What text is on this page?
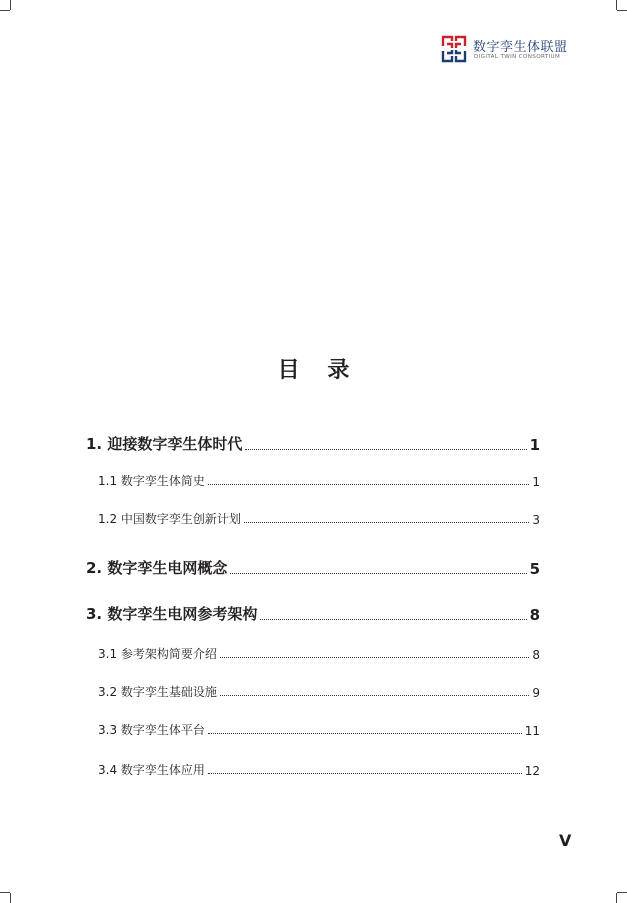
数字孪生体联盟
DIGITAL TWIN CONSORTIUM
目 录
1. 迎接数字孪生体时代	1
1.1 数字孪生体简史	1
1.2 中国数字孪生创新计划	3
2. 数字孪生电网概念	5
3. 数字孪生电网参考架构	8
3.1 参考架构简要介绍	8
3.2 数字孪生基础设施	9
3.3 数字孪生体平台	11
3.4 数字孪生体应用	12
V
